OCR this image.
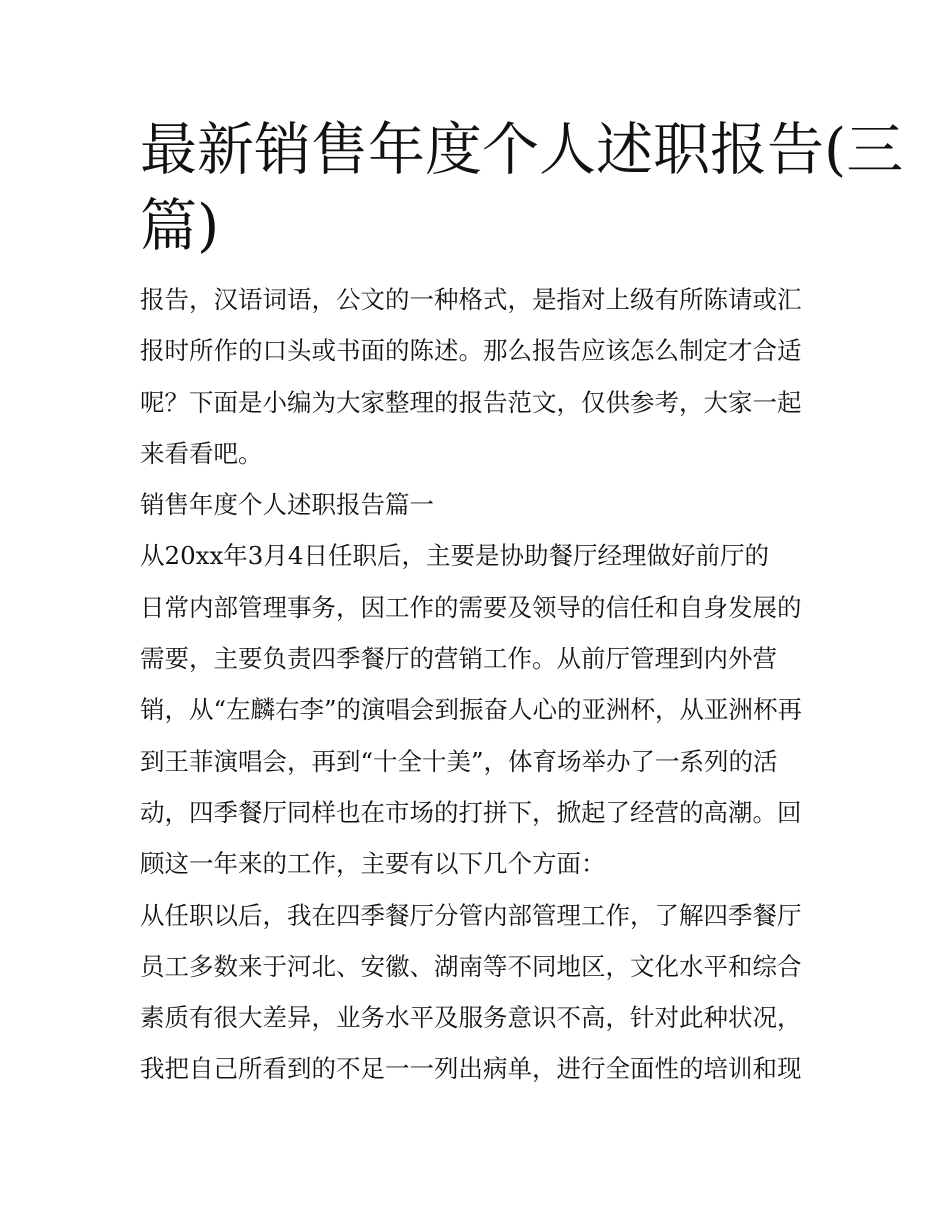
最新销售年度个人述职报告(三
篇)
报告，汉语词语，公文的一种格式，是指对上级有所陈请或汇
报时所作的口头或书面的陈述。那么报告应该怎么制定才合适
呢？下面是小编为大家整理的报告范文，仅供参考，大家一起
来看看吧。
销售年度个人述职报告篇一
从20xx年3月4日任职后，主要是协助餐厅经理做好前厅的
日常内部管理事务，因工作的需要及领导的信任和自身发展的
需要，主要负责四季餐厅的营销工作。从前厅管理到内外营
销，从“左麟右李”的演唱会到振奋人心的亚洲杯，从亚洲杯再
到王菲演唱会，再到“十全十美”，体育场举办了一系列的活
动，四季餐厅同样也在市场的打拼下，掀起了经营的高潮。回
顾这一年来的工作，主要有以下几个方面：
从任职以后，我在四季餐厅分管内部管理工作，了解四季餐厅
员工多数来于河北、安徽、湖南等不同地区，文化水平和综合
素质有很大差异，业务水平及服务意识不高，针对此种状况，
我把自己所看到的不足一一列出病单，进行全面性的培训和现
